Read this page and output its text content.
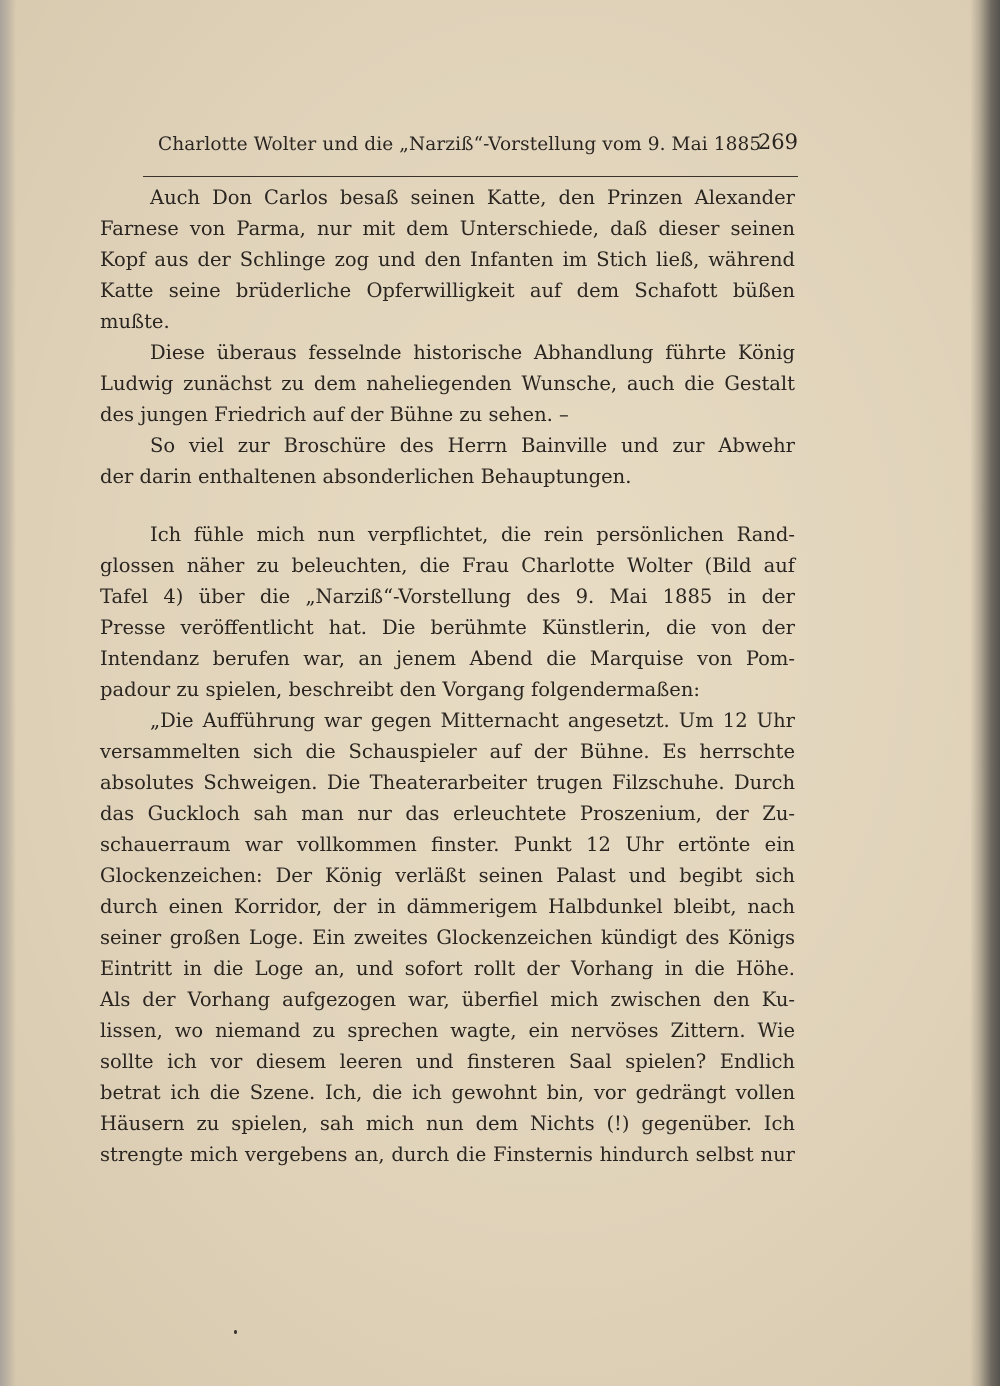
Charlotte Wolter und die „Narziß“-Vorstellung vom 9. Mai 1885
269
Auch Don Carlos besaß seinen Katte, den Prinzen Alexander
Farnese von Parma, nur mit dem Unterschiede, daß dieser seinen
Kopf aus der Schlinge zog und den Infanten im Stich ließ, während
Katte seine brüderliche Opferwilligkeit auf dem Schafott büßen
mußte.
Diese überaus fesselnde historische Abhandlung führte König
Ludwig zunächst zu dem naheliegenden Wunsche, auch die Gestalt
des jungen Friedrich auf der Bühne zu sehen. –
So viel zur Broschüre des Herrn Bainville und zur Abwehr
der darin enthaltenen absonderlichen Behauptungen.
Ich fühle mich nun verpflichtet, die rein persönlichen Rand-
glossen näher zu beleuchten, die Frau Charlotte Wolter (Bild auf
Tafel 4) über die „Narziß“-Vorstellung des 9. Mai 1885 in der
Presse veröffentlicht hat. Die berühmte Künstlerin, die von der
Intendanz berufen war, an jenem Abend die Marquise von Pom-
padour zu spielen, beschreibt den Vorgang folgendermaßen:
„Die Aufführung war gegen Mitternacht angesetzt. Um 12 Uhr
versammelten sich die Schauspieler auf der Bühne. Es herrschte
absolutes Schweigen. Die Theaterarbeiter trugen Filzschuhe. Durch
das Guckloch sah man nur das erleuchtete Proszenium, der Zu-
schauerraum war vollkommen finster. Punkt 12 Uhr ertönte ein
Glockenzeichen: Der König verläßt seinen Palast und begibt sich
durch einen Korridor, der in dämmerigem Halbdunkel bleibt, nach
seiner großen Loge. Ein zweites Glockenzeichen kündigt des Königs
Eintritt in die Loge an, und sofort rollt der Vorhang in die Höhe.
Als der Vorhang aufgezogen war, überfiel mich zwischen den Ku-
lissen, wo niemand zu sprechen wagte, ein nervöses Zittern. Wie
sollte ich vor diesem leeren und finsteren Saal spielen? Endlich
betrat ich die Szene. Ich, die ich gewohnt bin, vor gedrängt vollen
Häusern zu spielen, sah mich nun dem Nichts (!) gegenüber. Ich
strengte mich vergebens an, durch die Finsternis hindurch selbst nur
